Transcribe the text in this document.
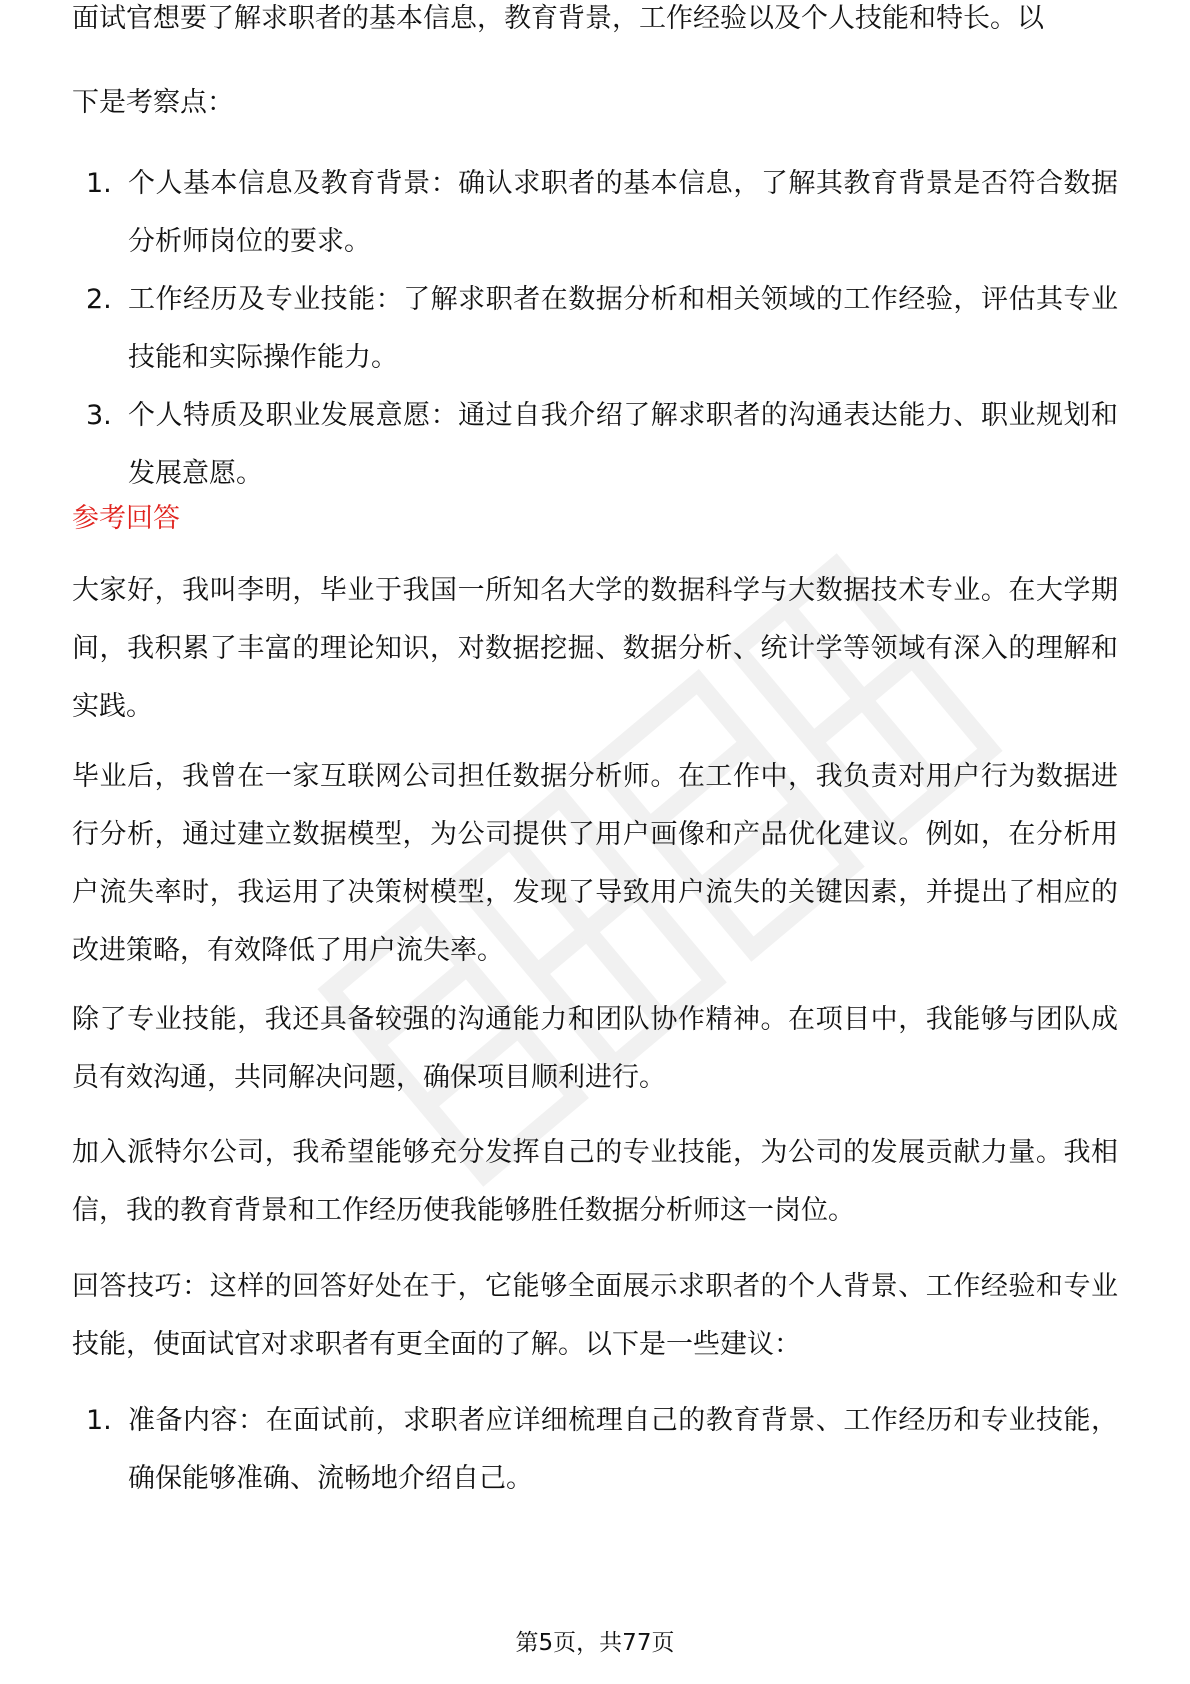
面试官想要了解求职者的基本信息，教育背景，工作经验以及个人技能和特长。以

下是考察点：

1. 个人基本信息及教育背景：确认求职者的基本信息，了解其教育背景是否符合数据分析师岗位的要求。
2. 工作经历及专业技能：了解求职者在数据分析和相关领域的工作经验，评估其专业技能和实际操作能力。
3. 个人特质及职业发展意愿：通过自我介绍了解求职者的沟通表达能力、职业规划和发展意愿。
参考回答

大家好，我叫李明，毕业于我国一所知名大学的数据科学与大数据技术专业。在大学期间，我积累了丰富的理论知识，对数据挖掘、数据分析、统计学等领域有深入的理解和实践。

毕业后，我曾在一家互联网公司担任数据分析师。在工作中，我负责对用户行为数据进行分析，通过建立数据模型，为公司提供了用户画像和产品优化建议。例如，在分析用户流失率时，我运用了决策树模型，发现了导致用户流失的关键因素，并提出了相应的改进策略，有效降低了用户流失率。

除了专业技能，我还具备较强的沟通能力和团队协作精神。在项目中，我能够与团队成员有效沟通，共同解决问题，确保项目顺利进行。

加入派特尔公司，我希望能够充分发挥自己的专业技能，为公司的发展贡献力量。我相信，我的教育背景和工作经历使我能够胜任数据分析师这一岗位。

回答技巧：这样的回答好处在于，它能够全面展示求职者的个人背景、工作经验和专业技能，使面试官对求职者有更全面的了解。以下是一些建议：

1. 准备内容：在面试前，求职者应详细梳理自己的教育背景、工作经历和专业技能，确保能够准确、流畅地介绍自己。
第5页，共77页
